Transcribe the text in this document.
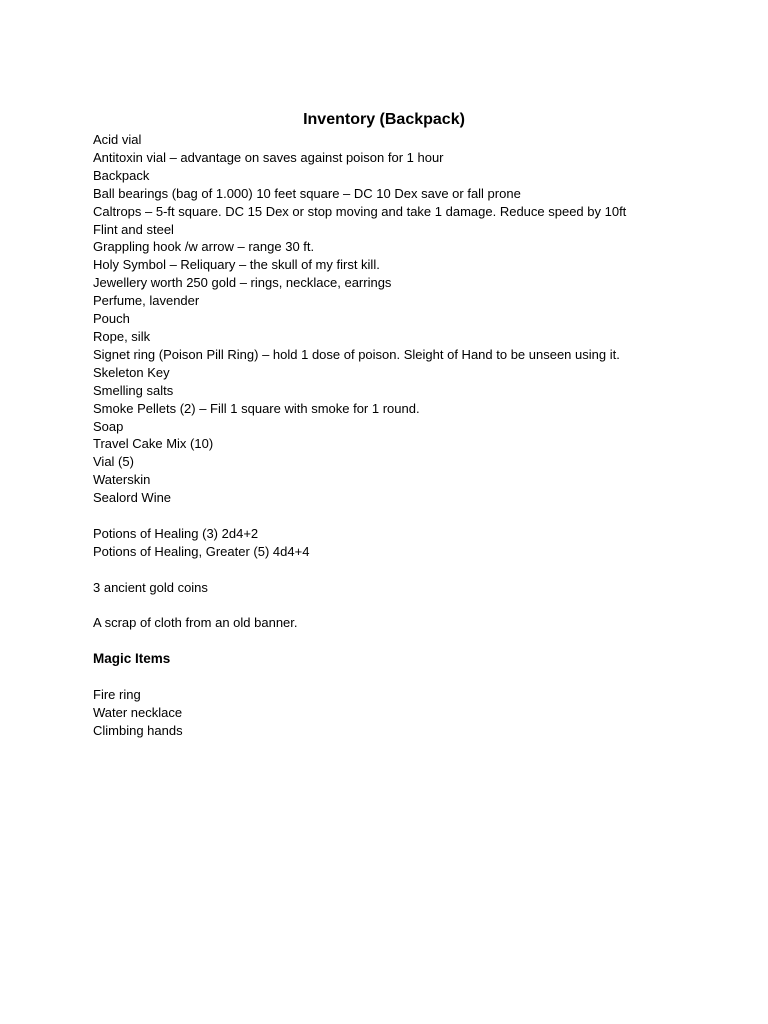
Inventory (Backpack)

Acid vial

Antitoxin vial – advantage on saves against poison for 1 hour

Backpack

Ball bearings (bag of 1.000) 10 feet square – DC 10 Dex save or fall prone

Caltrops – 5-ft square. DC 15 Dex or stop moving and take 1 damage. Reduce speed by 10ft

Flint and steel

Grappling hook /w arrow – range 30 ft.

Holy Symbol – Reliquary – the skull of my first kill.

Jewellery worth 250 gold – rings, necklace, earrings

Perfume, lavender

Pouch

Rope, silk

Signet ring (Poison Pill Ring) – hold 1 dose of poison. Sleight of Hand to be unseen using it.

Skeleton Key

Smelling salts

Smoke Pellets (2) – Fill 1 square with smoke for 1 round.

Soap

Travel Cake Mix (10)

Vial (5)

Waterskin

Sealord Wine

Potions of Healing (3) 2d4+2

Potions of Healing, Greater (5) 4d4+4

3 ancient gold coins

A scrap of cloth from an old banner.

Magic Items

Fire ring

Water necklace

Climbing hands
